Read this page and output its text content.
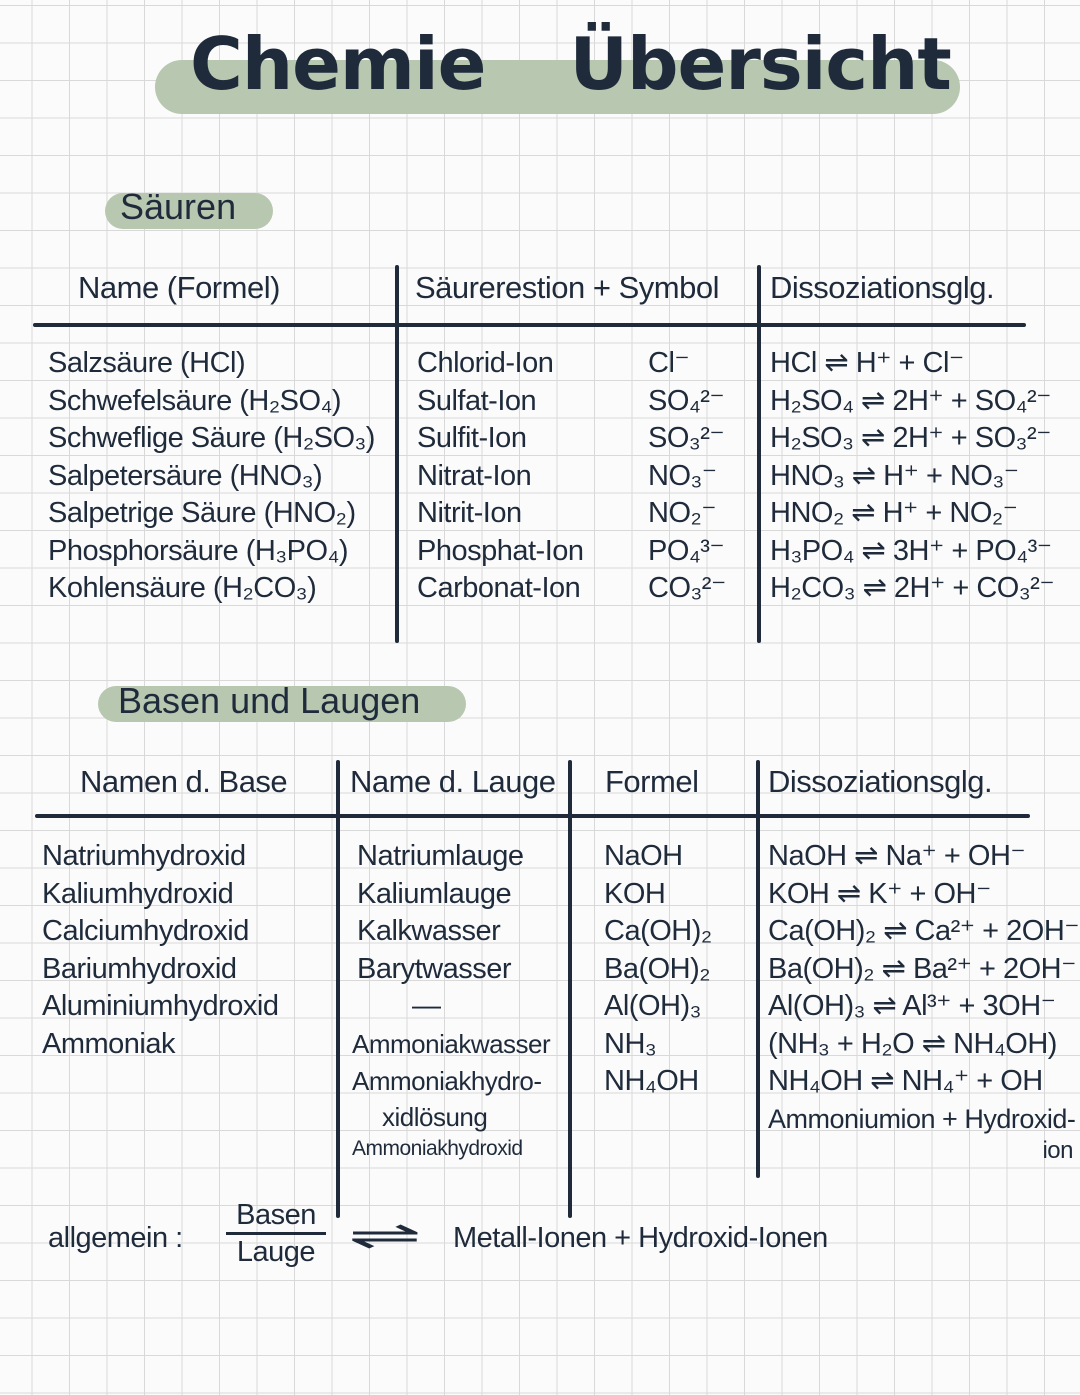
Chemie Übersicht
Säuren
Name (Formel)	Säurerestion + Symbol Dissoziationsglg.
Salzsäure (HCl)
Schwefelsäure (H₂SO₄)
Schweflige Säure (H₂SO₃)
Salpetersäure (HNO₃)
Salpetrige Säure (HNO₂)
Phosphorsäure (H₃PO₄)
Kohlensäure (H₂CO₃)
Chlorid-Ion
Sulfat-Ion
Sulfit-Ion
Nitrat-Ion
Nitrit-Ion
Phosphat-Ion
Carbonat-Ion
Cl⁻
SO₄²⁻
SO₃²⁻
NO₃⁻
NO₂⁻
PO₄³⁻
CO₃²⁻
HCl ⇌ H⁺ + Cl⁻
H₂SO₄ ⇌ 2H⁺ + SO₄²⁻
H₂SO₃ ⇌ 2H⁺ + SO₃²⁻
HNO₃ ⇌ H⁺ + NO₃⁻
HNO₂ ⇌ H⁺ + NO₂⁻
H₃PO₄ ⇌ 3H⁺ + PO₄³⁻
H₂CO₃ ⇌ 2H⁺ + CO₃²⁻
Basen und Laugen
Namen d. Base Name d. Lauge Formel Dissoziationsglg.
Natriumhydroxid
Kaliumhydroxid
Calciumhydroxid
Bariumhydroxid
Aluminiumhydroxid
Ammoniak
Natriumlauge
Kaliumlauge
Kalkwasser
Barytwasser
—
Ammoniakwasser
Ammoniakhydro-
xidlösung
Ammoniakhydroxid
NaOH
KOH
Ca(OH)₂
Ba(OH)₂
Al(OH)₃
NH₃
NH₄OH
NaOH ⇌ Na⁺ + OH⁻
KOH ⇌ K⁺ + OH⁻
Ca(OH)₂ ⇌ Ca²⁺ + 2OH⁻
Ba(OH)₂ ⇌ Ba²⁺ + 2OH⁻
Al(OH)₃ ⇌ Al³⁺ + 3OH⁻
(NH₃ + H₂O ⇌ NH₄OH)
NH₄OH ⇌ NH₄⁺ + OH
Ammoniumion + Hydroxid-
ion
allgemein :
Basen
Lauge ⇌ Metall-Ionen + Hydroxid-Ionen
